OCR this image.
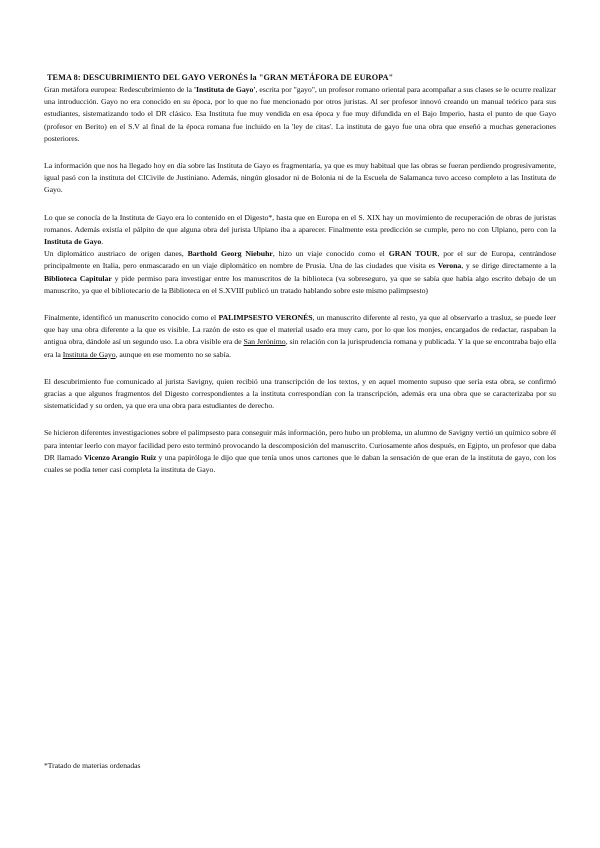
TEMA 8: DESCUBRIMIENTO DEL GAYO VERONÉS la "GRAN METÁFORA DE EUROPA"

Gran metáfora europea: Redescubrimiento de la 'Instituta de Gayo', escrita por "gayo", un profesor romano oriental para acompañar a sus clases se le ocurre realizar una introducción. Gayo no era conocido en su época, por lo que no fue mencionado por otros juristas. Al ser profesor innovó creando un manual teórico para sus estudiantes, sistematizando todo el DR clásico. Esa Instituta fue muy vendida en esa época y fue muy difundida en el Bajo Imperio, hasta el punto de que Gayo (profesor en Berito) en el S.V al final de la época romana fue incluido en la 'ley de citas'. La instituta de gayo fue una obra que enseñó a muchas generaciones posteriores.

La información que nos ha llegado hoy en día sobre las Instituta de Gayo es fragmentaria, ya que es muy habitual que las obras se fueran perdiendo progresivamente, igual pasó con la instituta del CICivile de Justiniano. Además, ningún glosador ni de Bolonia ni de la Escuela de Salamanca tuvo acceso completo a las Instituta de Gayo.

Lo que se conocía de la Instituta de Gayo era lo contenido en el Digesto*, hasta que en Europa en el S. XIX hay un movimiento de recuperación de obras de juristas romanos. Además existía el pálpito de que alguna obra del jurista Ulpiano iba a aparecer. Finalmente esta predicción se cumple, pero no con Ulpiano, pero con la Instituta de Gayo.

Un diplomático austriaco de origen danes, Barthold Georg Niebuhr, hizo un viaje conocido como el GRAN TOUR, por el sur de Europa, centrándose principalmente en Italia, pero enmascarado en un viaje diplomático en nombre de Prusia. Una de las ciudades que visita es Verona, y se dirige directamente a la Biblioteca Capitular y pide permiso para investigar entre los manuscritos de la biblioteca (va sobreseguro, ya que se sabía que había algo escrito debajo de un manuscrito, ya que el bibliotecario de la Biblioteca en el S.XVIII publicó un tratado hablando sobre este mismo palimpsesto)

Finalmente, identificó un manuscrito conocido como el PALIMPSESTO VERONÉS, un manuscrito diferente al resto, ya que al observarlo a trasluz, se puede leer que hay una obra diferente a la que es visible. La razón de esto es que el material usado era muy caro, por lo que los monjes, encargados de redactar, raspaban la antigua obra, dándole así un segundo uso. La obra visible era de San Jerónimo, sin relación con la jurisprudencia romana y publicada. Y la que se encontraba bajo ella era la Instituta de Gayo, aunque en ese momento no se sabía.

El descubrimiento fue comunicado al jurista Savigny, quien recibió una transcripción de los textos, y en aquel momento supuso que sería esta obra, se confirmó gracias a que algunos fragmentos del Digesto correspondientes a la instituta correspondían con la transcripción, además era una obra que se caracterizaba por su sistematicidad y su orden, ya que era una obra para estudiantes de derecho.

Se hicieron diferentes investigaciones sobre el palimpsesto para conseguir más información, pero hubo un problema, un alumno de Savigny vertió un químico sobre él para intentar leerlo con mayor facilidad pero esto terminó provocando la descomposición del manuscrito. Curiosamente años después, en Egipto, un profesor que daba DR llamado Vicenzo Arangio Ruiz y una papiróloga le dijo que que tenía unos unos cartones que le daban la sensación de que eran de la instituta de gayo, con los cuales se podía tener casi completa la instituta de Gayo.

*Tratado de materias ordenadas
